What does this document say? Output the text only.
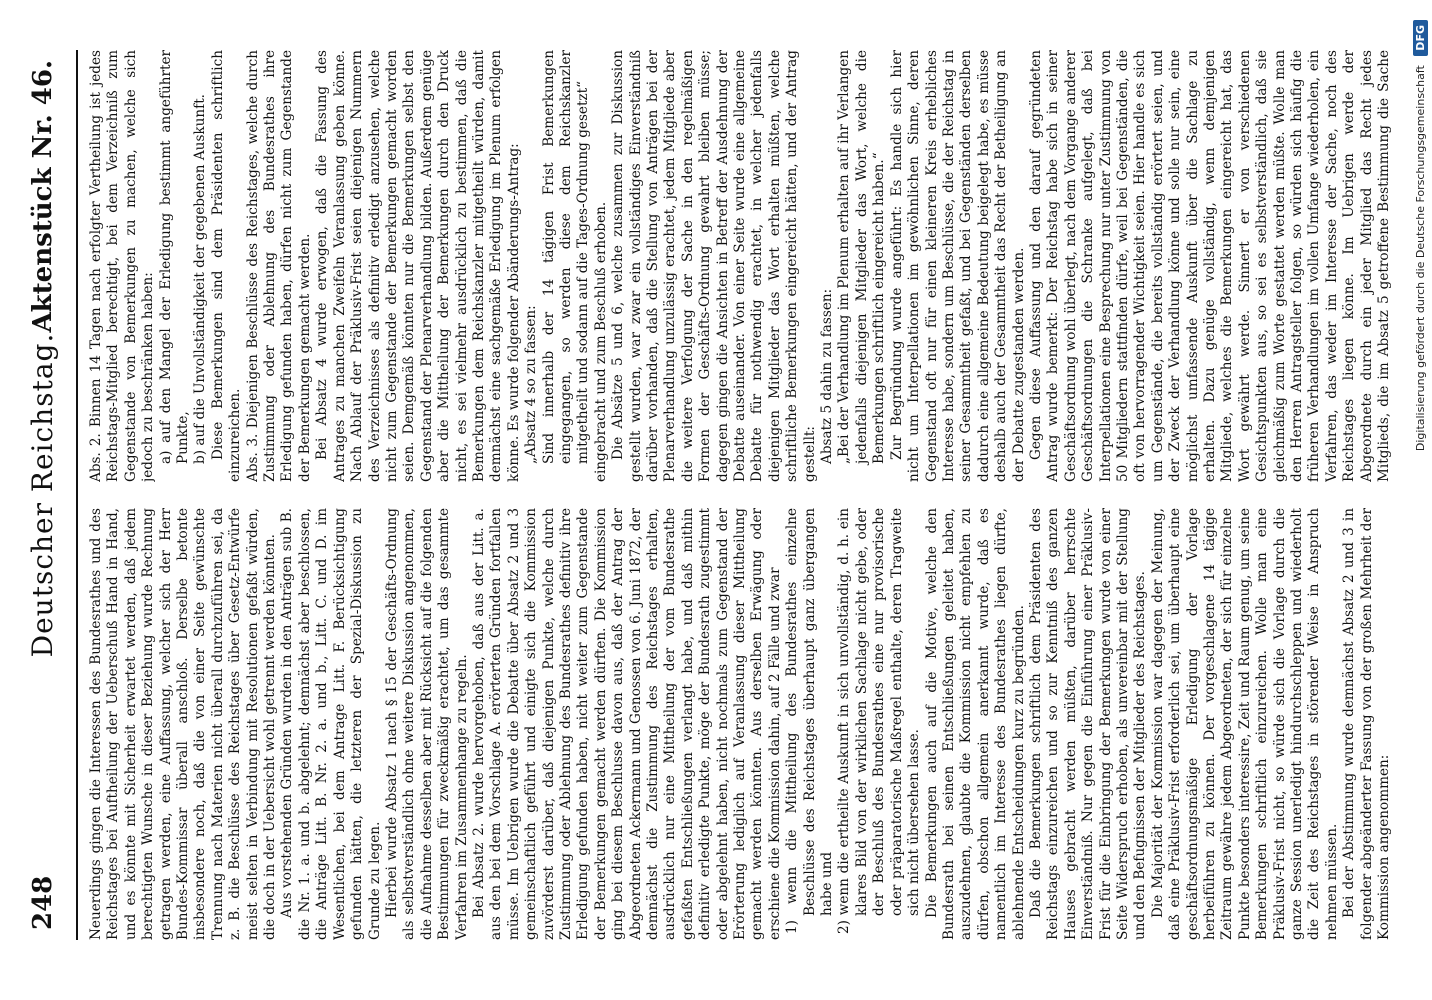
248
Deutscher Reichstag.
Aktenstück Nr. 46.

Neuerdings gingen die Interessen des Bundesrathes und des Reichstages bei Auftheilung der Ueberschuß Hand in Hand, und es könnte mit Sicherheit erwartet werden, daß jedem berechtigten Wunsche in dieser Beziehung wurde Rechnung getragen werden, eine Auffassung, welcher sich der Herr Bundes-Kommissar überall anschloß. Derselbe betonte insbesondere noch, daß die von einer Seite gewünschte Trennung nach Materien nicht überall durchzuführen sei, da z. B. die Beschlüsse des Reichstages über Gesetz-Entwürfe meist selten in Verbindung mit Resolutionen gefaßt würden, die doch in der Uebersicht wohl getrennt werden könnten. Aus vorstehenden Gründen wurden in den Anträgen sub B. die Nr. 1. a. und b. abgelehnt; demnächst aber beschlossen, die Anträge Litt. B. Nr. 2. a. und b., Litt. C. und D. im Wesentlichen, bei dem Antrage Litt. F. Berücksichtigung gefunden hätten, die letzteren der Spezial-Diskussion zu Grunde zu legen. Hierbei wurde Absatz 1 nach § 15 der Geschäfts-Ordnung als selbstverständlich ohne weitere Diskussion angenommen, die Aufnahme desselben aber mit Rücksicht auf die folgenden Bestimmungen für zweckmäßig erachtet, um das gesammte Verfahren im Zusammenhange zu regeln. Bei Absatz 2. wurde hervorgehoben, daß aus der Litt. a. aus den bei dem Vorschlage A. erörterten Gründen fortfallen müsse. Im Uebrigen wurde die Debatte über Absatz 2 und 3 gemeinschaftlich geführt und einigte sich die Kommission zuvörderst darüber, daß diejenigen Punkte, welche durch Zustimmung oder Ablehnung des Bundesrathes definitiv ihre Erledigung gefunden haben, nicht weiter zum Gegenstande der Bemerkungen gemacht werden dürften. Die Kommission ging bei diesem Beschlusse davon aus, daß der Antrag der Abgeordneten Ackermann und Genossen von 6. Juni 1872, der demnächst die Zustimmung des Reichstages erhalten, ausdrücklich nur eine Mittheilung der vom Bundesrathe gefaßten Entschließungen verlangt habe, und daß mithin definitiv erledigte Punkte, möge der Bundesrath zugestimmt oder abgelehnt haben, nicht nochmals zum Gegenstand der Erörterung lediglich auf Veranlassung dieser Mittheilung gemacht werden könnten. Aus derselben Erwägung oder erschiene die Kommission dahin, auf 2 Fälle und zwar 1) wenn die Mittheilung des Bundesrathes einzelne Beschlüsse des Reichstages überhaupt ganz übergangen habe und 2) wenn die ertheilte Auskunft in sich unvollständig, d. h. ein klares Bild von der wirklichen Sachlage nicht gebe, oder der Beschluß des Bundesrathes eine nur provisorische oder präparatorische Maßregel enthalte, deren Tragweite sich nicht übersehen lasse. Die Bemerkungen auch auf die Motive, welche den Bundesrath bei seinen Entschließungen geleitet haben, auszudehnen, glaubte die Kommission nicht empfehlen zu dürfen, obschon allgemein anerkannt wurde, daß es namentlich im Interesse des Bundesrathes liegen dürfte, ablehnende Entscheidungen kurz zu begründen. Daß die Bemerkungen schriftlich dem Präsidenten des Reichstags einzureichen und so zur Kenntniß des ganzen Hauses gebracht werden müßten, darüber herrschte Einverständniß. Nur gegen die Einführung einer Präklusiv-Frist für die Einbringung der Bemerkungen wurde von einer Seite Widerspruch erhoben, als unvereinbar mit der Stellung und den Befugnissen der Mitglieder des Reichstages. Die Majorität der Kommission war dagegen der Meinung, daß eine Präklusiv-Frist erforderlich sei, um überhaupt eine geschäftsordnungsmäßige Erledigung der Vorlage herbeiführen zu können. Der vorgeschlagene 14 tägige Zeitraum gewähre jedem Abgeordneten, der sich für einzelne Punkte besonders interessire, Zeit und Raum genug, um seine Bemerkungen schriftlich einzureichen. Wolle man eine Präklusiv-Frist nicht, so würde sich die Vorlage durch die ganze Session unerledigt hindurchschleppen und wiederholt die Zeit des Reichstages in störender Weise in Anspruch nehmen müssen. Bei der Abstimmung wurde demnächst Absatz 2 und 3 in folgender abgeänderter Fassung von der großen Mehrheit der Kommission angenommen:

Abs. 2. Binnen 14 Tagen nach erfolgter Vertheilung ist jedes Reichstags-Mitglied berechtigt, bei dem Verzeichniß zum Gegenstande von Bemerkungen zu machen, welche sich jedoch zu beschränken haben: a) auf den Mangel der Erledigung bestimmt angeführter Punkte, b) auf die Unvollständigkeit der gegebenen Auskunft. Diese Bemerkungen sind dem Präsidenten schriftlich einzureichen. Abs. 3. Diejenigen Beschlüsse des Reichstages, welche durch Zustimmung oder Ablehnung des Bundesrathes ihre Erledigung gefunden haben, dürfen nicht zum Gegenstande der Bemerkungen gemacht werden. Bei Absatz 4 wurde erwogen, daß die Fassung des Antrages zu manchen Zweifeln Veranlassung geben könne. Nach Ablauf der Präklusiv-Frist seien diejenigen Nummern des Verzeichnisses als definitiv erledigt anzusehen, welche nicht zum Gegenstande der Bemerkungen gemacht worden seien. Demgemäß könnten nur die Bemerkungen selbst den Gegenstand der Plenarverhandlung bilden. Außerdem genüge aber die Mittheilung der Bemerkungen durch den Druck nicht, es sei vielmehr ausdrücklich zu bestimmen, daß die Bemerkungen dem Reichskanzler mitgetheilt würden, damit demnächst eine sachgemäße Erledigung im Plenum erfolgen könne. Es wurde folgender Abänderungs-Antrag: „Absatz 4 so zu fassen: Sind innerhalb der 14 tägigen Frist Bemerkungen eingegangen, so werden diese dem Reichskanzler mitgetheilt und sodann auf die Tages-Ordnung gesetzt“ eingebracht und zum Beschluß erhoben. Die Absätze 5 und 6, welche zusammen zur Diskussion gestellt wurden, war zwar ein vollständiges Einverständniß darüber vorhanden, daß die Stellung von Anträgen bei der Plenarverhandlung unzulässig erachtet, jedem Mitgliede aber die weitere Verfolgung der Sache in den regelmäßigen Formen der Geschäfts-Ordnung gewahrt bleiben müsse; dagegen gingen die Ansichten in Betreff der Ausdehnung der Debatte auseinander. Von einer Seite wurde eine allgemeine Debatte für nothwendig erachtet, in welcher jedenfalls diejenigen Mitglieder das Wort erhalten müßten, welche schriftliche Bemerkungen eingereicht hätten, und der Antrag gestellt: Absatz 5 dahin zu fassen: „Bei der Verhandlung im Plenum erhalten auf ihr Verlangen jedenfalls diejenigen Mitglieder das Wort, welche die Bemerkungen schriftlich eingereicht haben.“ Zur Begründung wurde angeführt: Es handle sich hier nicht um Interpellationen im gewöhnlichen Sinne, deren Gegenstand oft nur für einen kleineren Kreis erhebliches Interesse habe, sondern um Beschlüsse, die der Reichstag in seiner Gesammtheit gefaßt, und bei Gegenständen derselben dadurch eine allgemeine Bedeutung beigelegt habe, es müsse deshalb auch der Gesammtheit das Recht der Betheiligung an der Debatte zugestanden werden. Gegen diese Auffassung und den darauf gegründeten Antrag wurde bemerkt: Der Reichstag habe sich in seiner Geschäftsordnung wohl überlegt, nach dem Vorgange anderer Geschäftsordnungen die Schranke aufgelegt, daß bei Interpellationen eine Besprechung nur unter Zustimmung von 50 Mitgliedern stattfinden dürfe, weil bei Gegenständen, die oft von hervorragender Wichtigkeit seien. Hier handle es sich um Gegenstände, die bereits vollständig erörtert seien, und der Zweck der Verhandlung könne und solle nur sein, eine möglichst umfassende Auskunft über die Sachlage zu erhalten. Dazu genüge vollständig, wenn demjenigen Mitgliede, welches die Bemerkungen eingereicht hat, das Wort gewährt werde. Sinnert er von verschiedenen Gesichtspunkten aus, so sei es selbstverständlich, daß sie gleichmäßig zum Worte gestattet werden müßte. Wolle man den Herren Antragsteller folgen, so würden sich häufig die früheren Verhandlungen im vollen Umfange wiederholen, ein Verfahren, das weder im Interesse der Sache, noch des Reichstages liegen könne. Im Uebrigen werde der Abgeordnete durch ein jeder Mitglied das Recht jedes Mitglieds, die im Absatz 5 getroffene Bestimmung die Sache	Digitalisierung gefördert durch die Deutsche Forschungsgemeinschaft DFG
